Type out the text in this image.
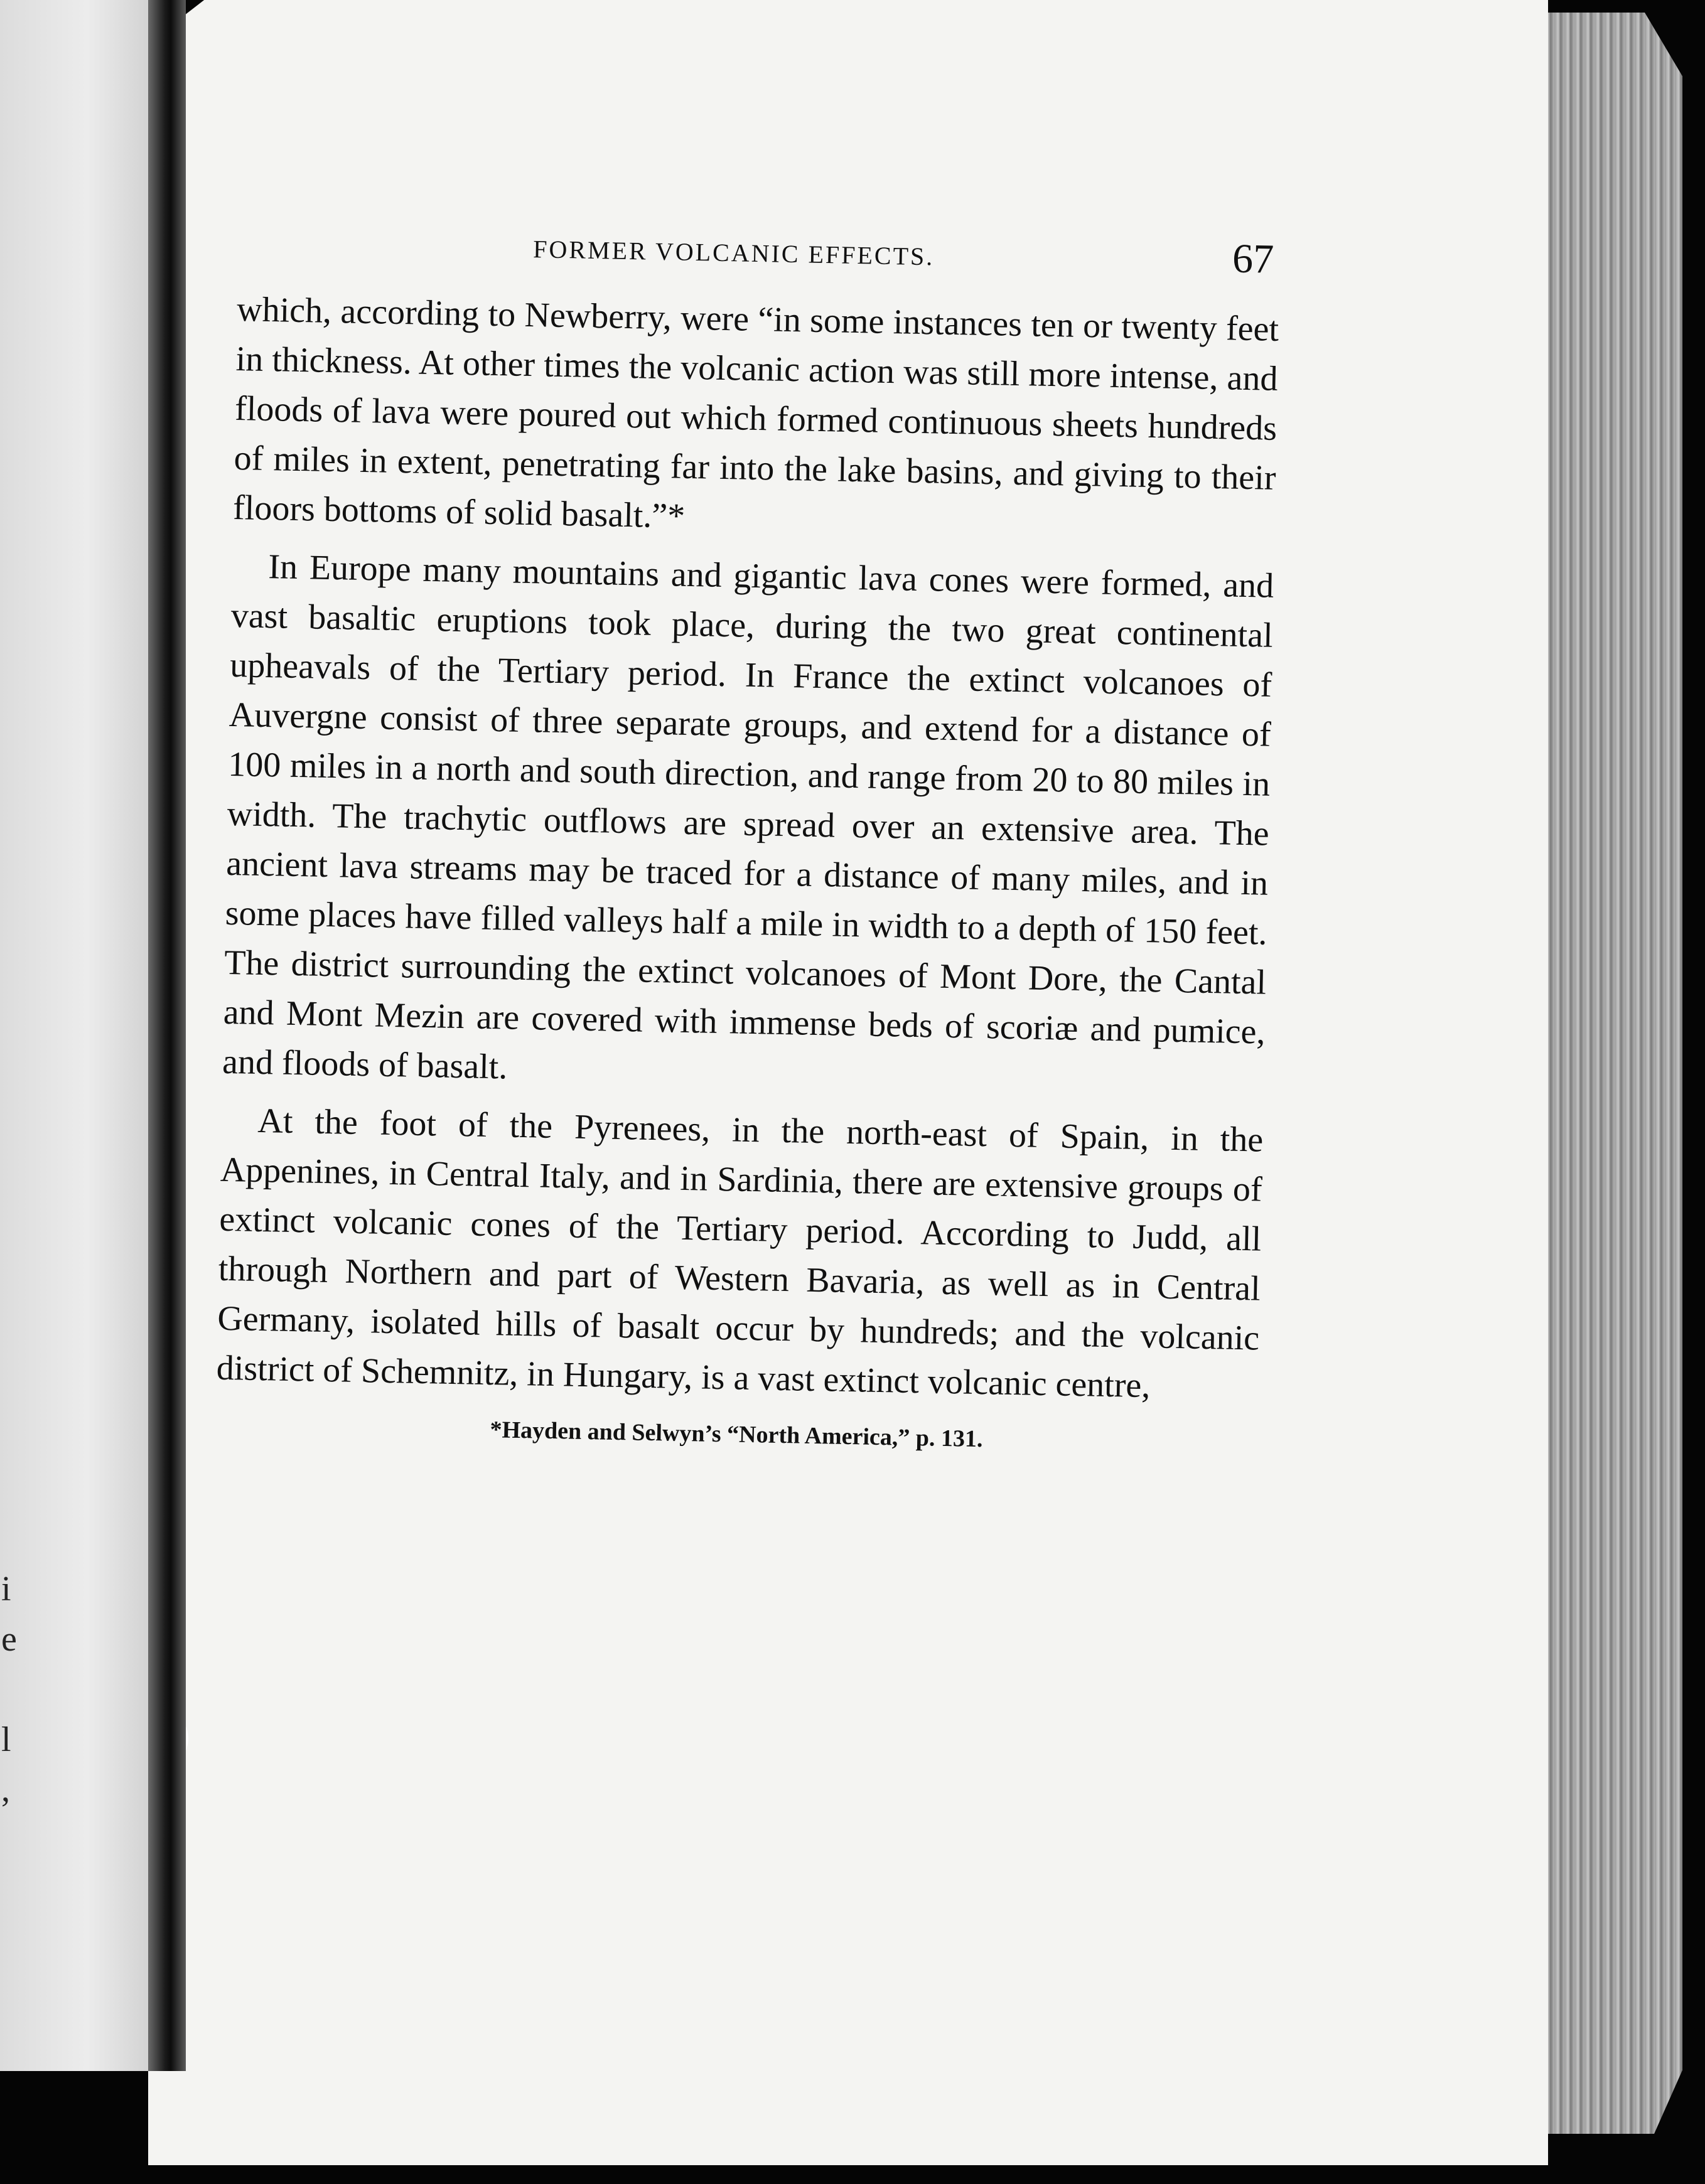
i
e
l
,
FORMER VOLCANIC EFFECTS.	67

which, according to Newberry, were “in some instances ten or twenty feet in thickness. At other times the volcanic action was still more intense, and floods of lava were poured out which formed continuous sheets hundreds of miles in extent, penetrating far into the lake basins, and giving to their floors bottoms of solid basalt.”*

In Europe many mountains and gigantic lava cones were formed, and vast basaltic eruptions took place, during the two great continental upheavals of the Tertiary period. In France the extinct volcanoes of Auvergne consist of three separate groups, and extend for a distance of 100 miles in a north and south direction, and range from 20 to 80 miles in width. The trachytic outflows are spread over an extensive area. The ancient lava streams may be traced for a distance of many miles, and in some places have filled valleys half a mile in width to a depth of 150 feet. The district surrounding the extinct volcanoes of Mont Dore, the Cantal and Mont Mezin are covered with immense beds of scoriæ and pumice, and floods of basalt.

At the foot of the Pyrenees, in the north-east of Spain, in the Appenines, in Central Italy, and in Sardinia, there are extensive groups of extinct volcanic cones of the Tertiary period. According to Judd, all through Northern and part of Western Bavaria, as well as in Central Germany, isolated hills of basalt occur by hundreds; and the volcanic district of Schemnitz, in Hungary, is a vast extinct volcanic centre,

*Hayden and Selwyn’s “North America,” p. 131.
